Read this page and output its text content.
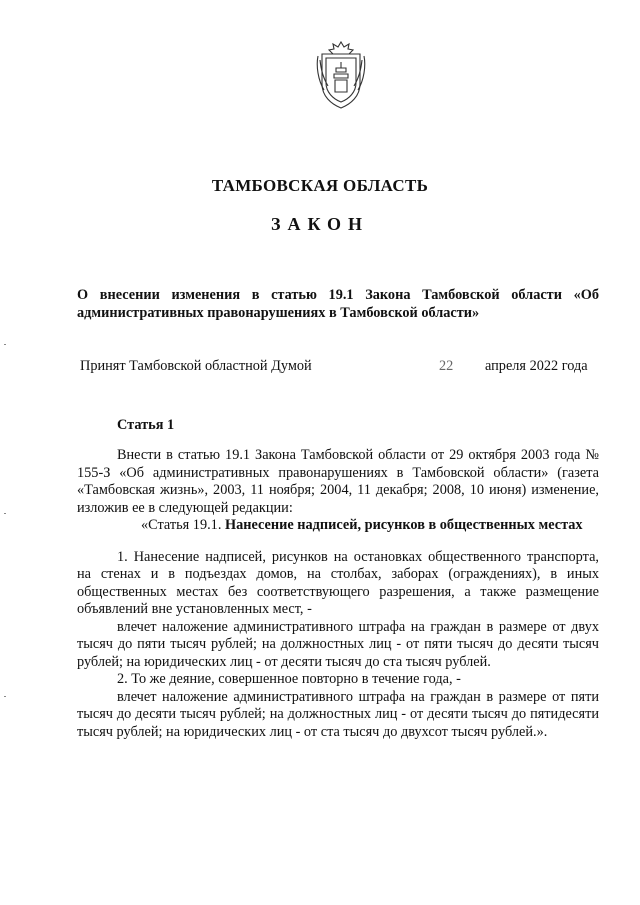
ТАМБОВСКАЯ ОБЛАСТЬ
ЗАКОН
О внесении изменения в статью 19.1 Закона Тамбовской области «Об административных правонарушениях в Тамбовской области»
Принят Тамбовской областной Думой	22 апреля 2022 года
Статья 1

Внести в статью 19.1 Закона Тамбовской области от 29 октября 2003 года № 155-З «Об административных правонарушениях в Тамбовской области» (газета «Тамбовская жизнь», 2003, 11 ноября; 2004, 11 декабря; 2008, 10 июня) изменение, изложив ее в следующей редакции:

«Статья 19.1. Нанесение надписей, рисунков в общественных местах

1. Нанесение надписей, рисунков на остановках общественного транспорта, на стенах и в подъездах домов, на столбах, заборах (ограждениях), в иных общественных местах без соответствующего разрешения, а также размещение объявлений вне установленных мест, -

влечет наложение административного штрафа на граждан в размере от двух тысяч до пяти тысяч рублей; на должностных лиц - от пяти тысяч до десяти тысяч рублей; на юридических лиц - от десяти тысяч до ста тысяч рублей.

2. То же деяние, совершенное повторно в течение года, -

влечет наложение административного штрафа на граждан в размере от пяти тысяч до десяти тысяч рублей; на должностных лиц - от десяти тысяч до пятидесяти тысяч рублей; на юридических лиц - от ста тысяч до двухсот тысяч рублей.».
